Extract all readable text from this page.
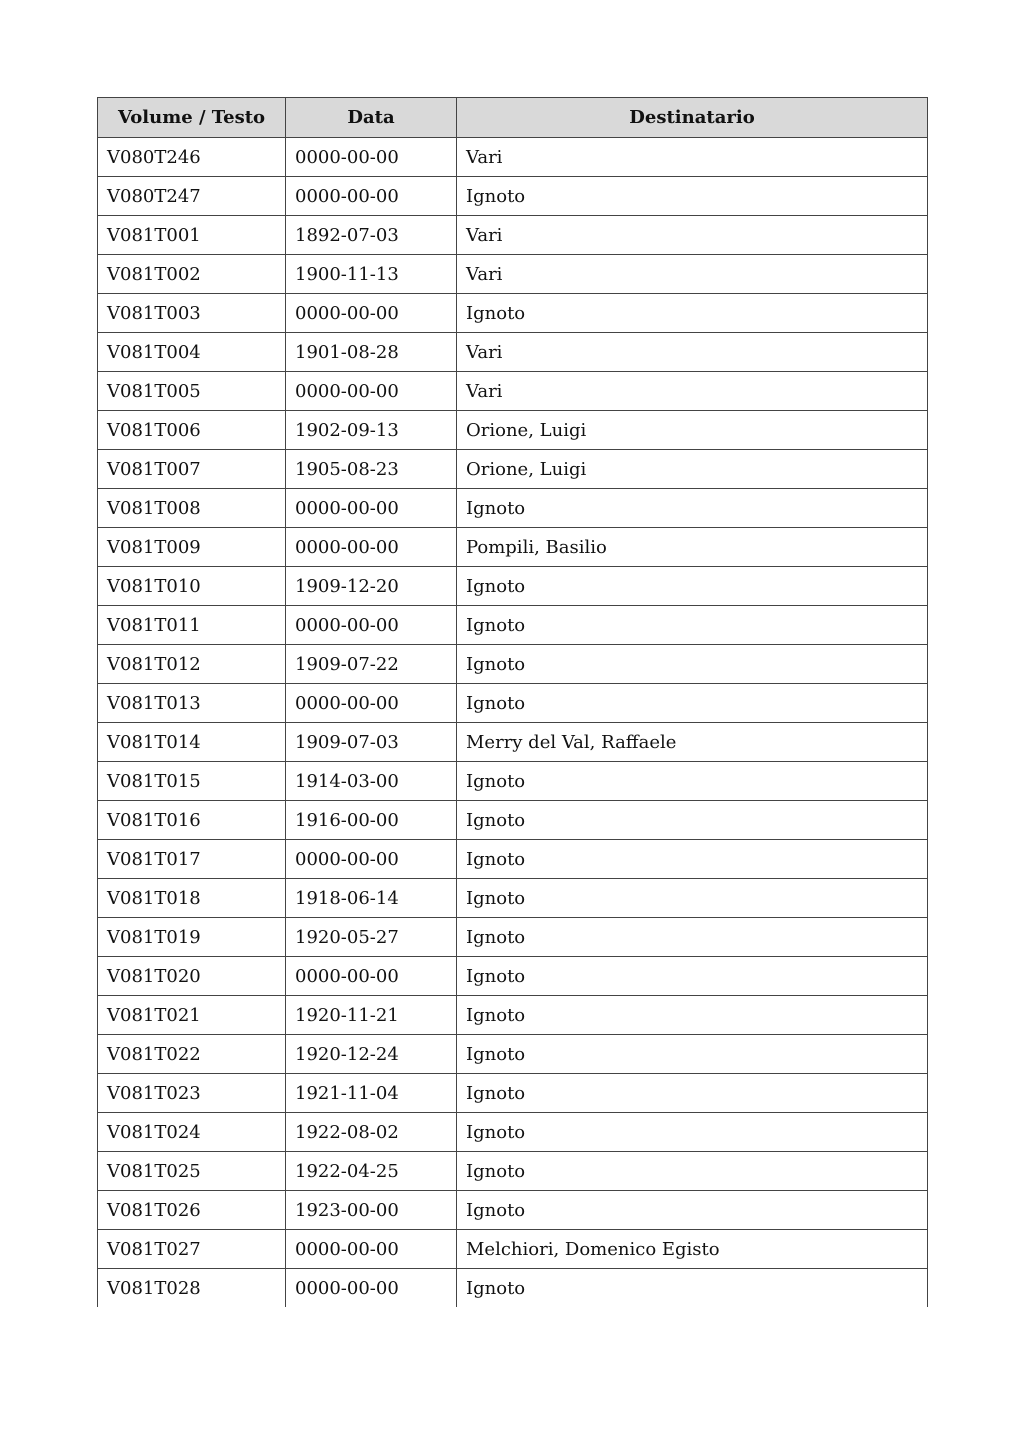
Volume / Testo	Data	Destinatario
V080T246	0000-00-00	Vari
V080T247	0000-00-00	Ignoto
V081T001	1892-07-03	Vari
V081T002	1900-11-13	Vari
V081T003	0000-00-00	Ignoto
V081T004	1901-08-28	Vari
V081T005	0000-00-00	Vari
V081T006	1902-09-13	Orione, Luigi
V081T007	1905-08-23	Orione, Luigi
V081T008	0000-00-00	Ignoto
V081T009	0000-00-00	Pompili, Basilio
V081T010	1909-12-20	Ignoto
V081T011	0000-00-00	Ignoto
V081T012	1909-07-22	Ignoto
V081T013	0000-00-00	Ignoto
V081T014	1909-07-03	Merry del Val, Raffaele
V081T015	1914-03-00	Ignoto
V081T016	1916-00-00	Ignoto
V081T017	0000-00-00	Ignoto
V081T018	1918-06-14	Ignoto
V081T019	1920-05-27	Ignoto
V081T020	0000-00-00	Ignoto
V081T021	1920-11-21	Ignoto
V081T022	1920-12-24	Ignoto
V081T023	1921-11-04	Ignoto
V081T024	1922-08-02	Ignoto
V081T025	1922-04-25	Ignoto
V081T026	1923-00-00	Ignoto
V081T027	0000-00-00	Melchiori, Domenico Egisto
V081T028	0000-00-00	Ignoto
